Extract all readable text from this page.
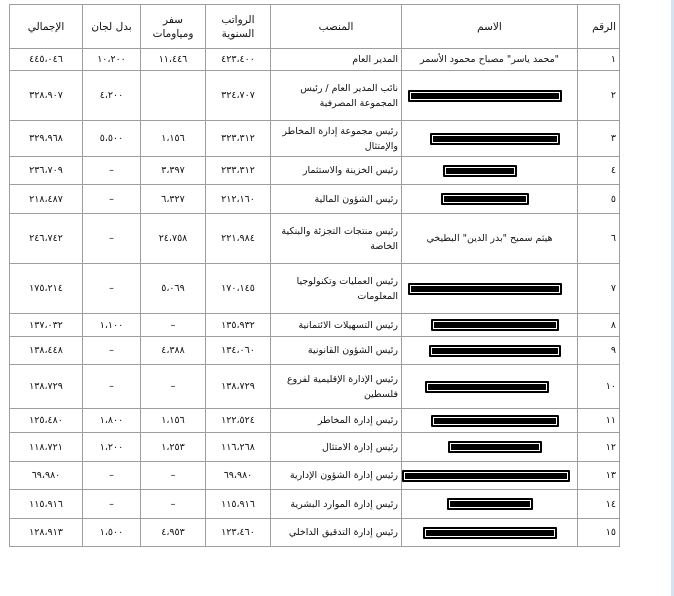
الرقم	الاسم	المنصب	الرواتب السنوية	سفر ومياومات	بدل لجان	الإجمالي
١	"محمد ياسر" مصباح محمود الأسمر	المدير العام	٤٢٣،٤٠٠	١١،٤٤٦	١٠،٢٠٠	٤٤٥،٠٤٦
٢		نائب المدير العام / رئيس المجموعة المصرفية	٣٢٤،٧٠٧		٤،٢٠٠	٣٢٨،٩٠٧
٣		رئيس مجموعة إدارة المخاطر والإمتثال	٣٢٣،٣١٢	١،١٥٦	٥،٥٠٠	٣٢٩،٩٦٨
٤		رئيس الخزينة والاستثمار	٢٣٣،٣١٢	٣،٣٩٧	–	٢٣٦،٧٠٩
٥		رئيس الشؤون المالية	٢١٢،١٦٠	٦،٣٢٧	–	٢١٨،٤٨٧
٦	هيثم سميح "بدر الدين" البطيخي	رئيس منتجات التجزئة والبنكية الخاصة	٢٢١،٩٨٤	٢٤،٧٥٨	–	٢٤٦،٧٤٢
٧		رئيس العمليات وتكنولوجيا المعلومات	١٧٠،١٤٥	٥،٠٦٩	–	١٧٥،٢١٤
٨		رئيس التسهيلات الائتمانية	١٣٥،٩٣٢	–	١،١٠٠	١٣٧،٠٣٢
٩		رئيس الشؤون القانونية	١٣٤،٠٦٠	٤،٣٨٨	–	١٣٨،٤٤٨
١٠		رئيس الإدارة الإقليمية لفروع فلسطين	١٣٨،٧٢٩	–	–	١٣٨،٧٢٩
١١		رئيس إدارة المخاطر	١٢٢،٥٢٤	١،١٥٦	١،٨٠٠	١٢٥،٤٨٠
١٢		رئيس إدارة الامتثال	١١٦،٢٦٨	١،٢٥٣	١،٢٠٠	١١٨،٧٢١
١٣		رئيس إدارة الشؤون الإدارية	٦٩،٩٨٠	–	–	٦٩،٩٨٠
١٤		رئيس إدارة الموارد البشرية	١١٥،٩١٦	–	–	١١٥،٩١٦
١٥		رئيس إدارة التدقيق الداخلي	١٢٣،٤٦٠	٤،٩٥٣	١،٥٠٠	١٢٨،٩١٣
